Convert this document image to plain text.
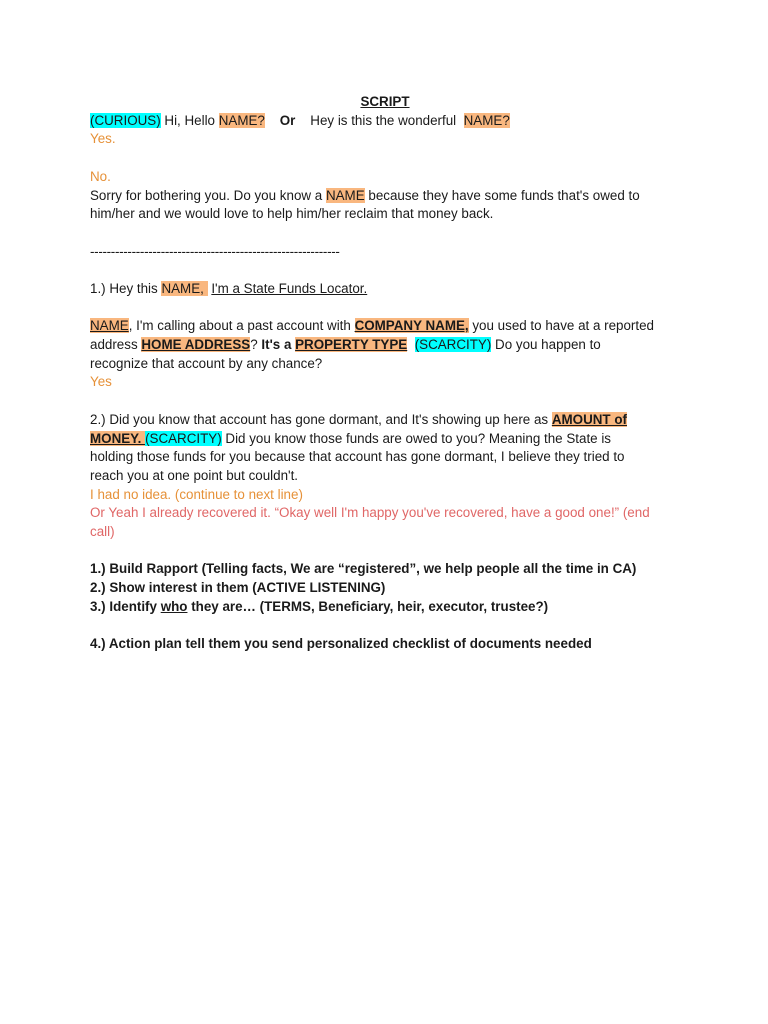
SCRIPT
(CURIOUS) Hi, Hello NAME? Or Hey is this the wonderful  NAME?
Yes.
No.
Sorry for bothering you. Do you know a NAME because they have some funds that's owed to
him/her and we would love to help him/her reclaim that money back.
------------------------------------------------------------
1.) Hey this NAME,  I'm a State Funds Locator.
NAME, I'm calling about a past account with COMPANY NAME, you used to have at a reported
address HOME ADDRESS? It's a PROPERTY TYPE (SCARCITY) Do you happen to
recognize that account by any chance?
Yes
2.) Did you know that account has gone dormant, and It's showing up here as AMOUNT of
MONEY. (SCARCITY) Did you know those funds are owed to you? Meaning the State is
holding those funds for you because that account has gone dormant, I believe they tried to
reach you at one point but couldn't.
I had no idea. (continue to next line)
Or Yeah I already recovered it. “Okay well I'm happy you've recovered, have a good one!” (end
call)
1.) Build Rapport (Telling facts, We are “registered”, we help people all the time in CA)
2.) Show interest in them (ACTIVE LISTENING)
3.) Identify who they are… (TERMS, Beneficiary, heir, executor, trustee?)
4.) Action plan tell them you send personalized checklist of documents needed
